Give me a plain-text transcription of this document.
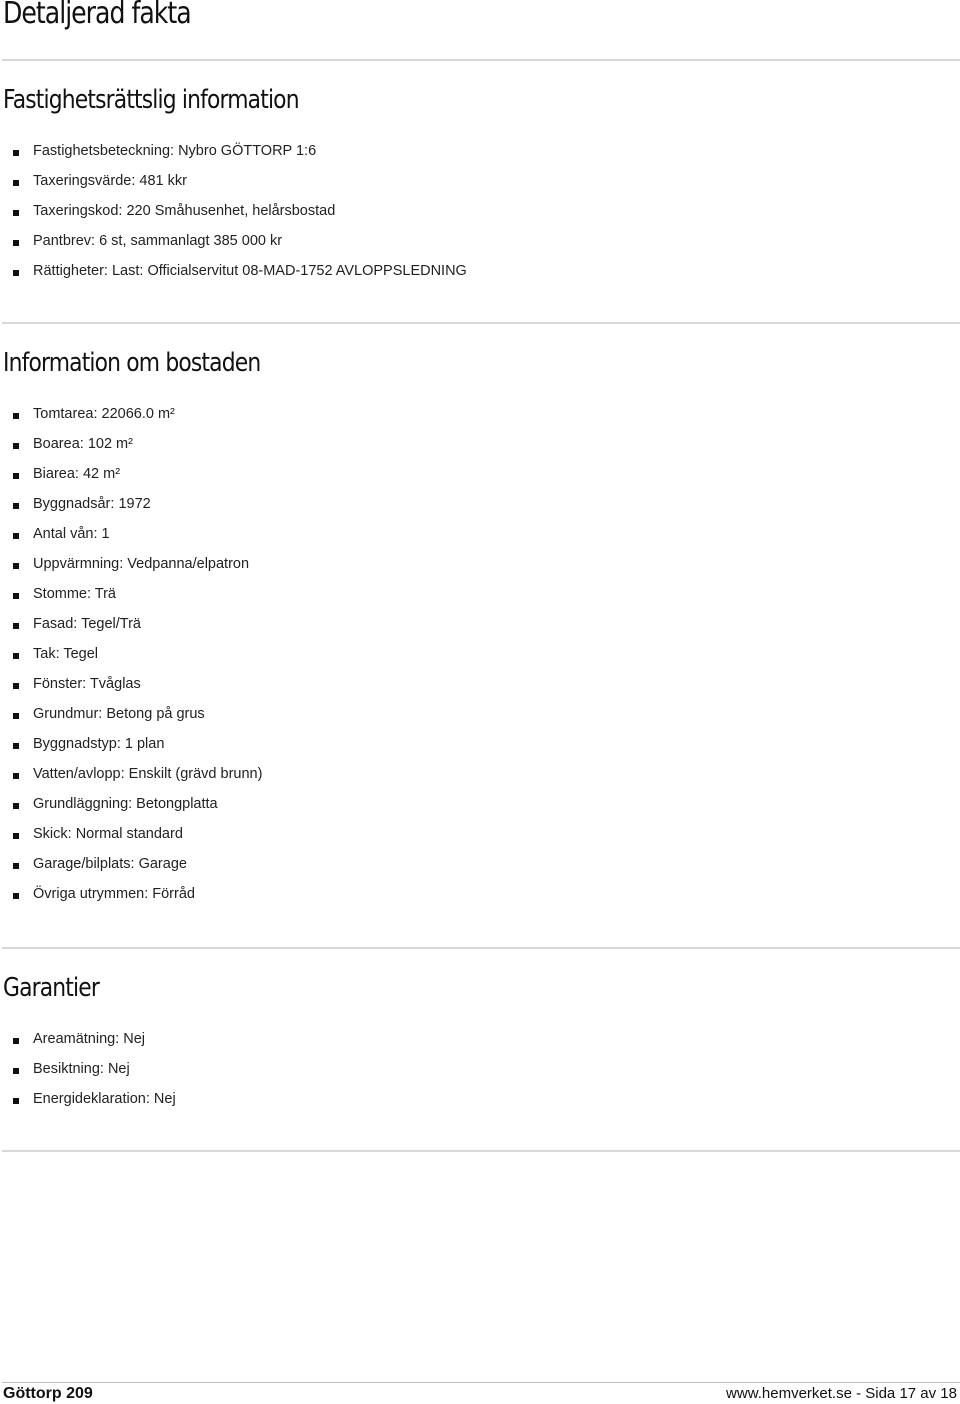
Detaljerad fakta
Fastighetsrättslig information
Fastighetsbeteckning: Nybro GÖTTORP 1:6
Taxeringsvärde: 481 kkr
Taxeringskod: 220 Småhusenhet, helårsbostad
Pantbrev: 6 st, sammanlagt 385 000 kr
Rättigheter: Last: Officialservitut 08-MAD-1752 AVLOPPSLEDNING
Information om bostaden
Tomtarea: 22066.0 m²
Boarea: 102 m²
Biarea: 42 m²
Byggnadsår: 1972
Antal vån: 1
Uppvärmning: Vedpanna/elpatron
Stomme: Trä
Fasad: Tegel/Trä
Tak: Tegel
Fönster: Tvåglas
Grundmur: Betong på grus
Byggnadstyp: 1 plan
Vatten/avlopp: Enskilt (grävd brunn)
Grundläggning: Betongplatta
Skick: Normal standard
Garage/bilplats: Garage
Övriga utrymmen: Förråd
Garantier
Areamätning: Nej
Besiktning: Nej
Energideklaration: Nej
Göttorp 209	www.hemverket.se - Sida 17 av 18
